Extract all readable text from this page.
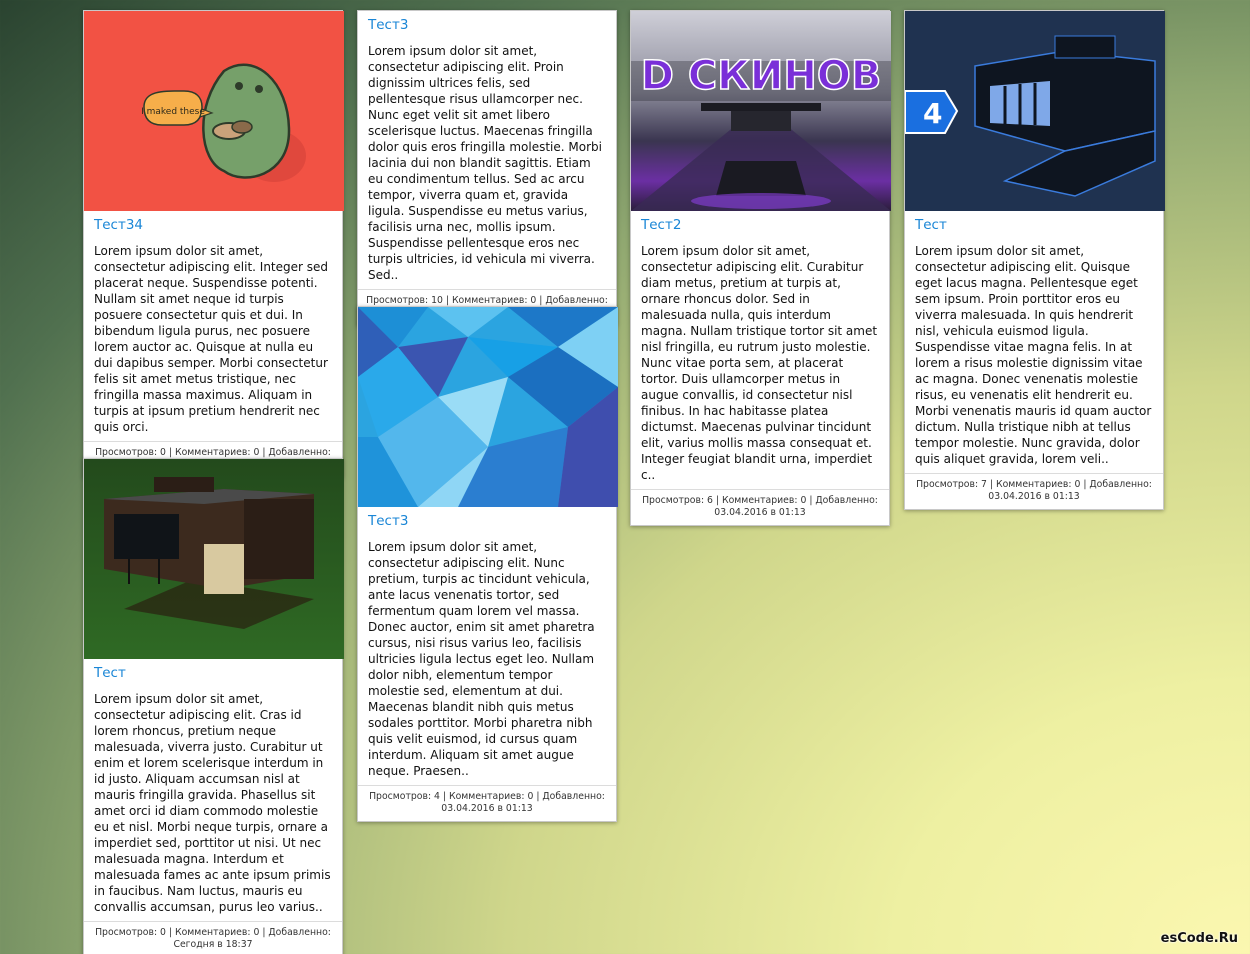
I maked these
Тест34

Lorem ipsum dolor sit amet, consectetur adipiscing elit. Integer sed placerat neque. Suspendisse potenti. Nullam sit amet neque id turpis posuere consectetur quis et dui. In bibendum ligula purus, nec posuere lorem auctor ac. Quisque at nulla eu dui dapibus semper. Morbi consectetur felis sit amet metus tristique, nec fringilla massa maximus. Aliquam in turpis at ipsum pretium hendrerit nec quis orci.

Просмотров: 0 | Комментариев: 0 | Добавленно:

Тест3

Lorem ipsum dolor sit amet, consectetur adipiscing elit. Proin dignissim ultrices felis, sed pellentesque risus ullamcorper nec. Nunc eget velit sit amet libero scelerisque luctus. Maecenas fringilla dolor quis eros fringilla molestie. Morbi lacinia dui non blandit sagittis. Etiam eu condimentum tellus. Sed ac arcu tempor, viverra quam et, gravida ligula. Suspendisse eu metus varius, facilisis urna nec, mollis ipsum. Suspendisse pellentesque eros nec turpis ultricies, id vehicula mi viverra. Sed..

Просмотров: 10 | Комментариев: 0 | Добавленно:

D СКИНОВ
Тест2

Lorem ipsum dolor sit amet, consectetur adipiscing elit. Curabitur diam metus, pretium at turpis at, ornare rhoncus dolor. Sed in malesuada nulla, quis interdum magna. Nullam tristique tortor sit amet nisl fringilla, eu rutrum justo molestie. Nunc vitae porta sem, at placerat tortor. Duis ullamcorper metus in augue convallis, id consectetur nisl finibus. In hac habitasse platea dictumst. Maecenas pulvinar tincidunt elit, varius mollis massa consequat et. Integer feugiat blandit urna, imperdiet c..

Просмотров: 6 | Комментариев: 0 | Добавленно:
03.04.2016 в 01:13
4
Тест

Lorem ipsum dolor sit amet, consectetur adipiscing elit. Quisque eget lacus magna. Pellentesque eget sem ipsum. Proin porttitor eros eu viverra malesuada. In quis hendrerit nisl, vehicula euismod ligula. Suspendisse vitae magna felis. In at lorem a risus molestie dignissim vitae ac magna. Donec venenatis molestie risus, eu venenatis elit hendrerit eu. Morbi venenatis mauris id quam auctor dictum. Nulla tristique nibh at tellus tempor molestie. Nunc gravida, dolor quis aliquet gravida, lorem veli..

Просмотров: 7 | Комментариев: 0 | Добавленно:
03.04.2016 в 01:13
Тест

Lorem ipsum dolor sit amet, consectetur adipiscing elit. Cras id lorem rhoncus, pretium neque malesuada, viverra justo. Curabitur ut enim et lorem scelerisque interdum in id justo. Aliquam accumsan nisl at mauris fringilla gravida. Phasellus sit amet orci id diam commodo molestie eu et nisl. Morbi neque turpis, ornare a imperdiet sed, porttitor ut nisi. Ut nec malesuada magna. Interdum et malesuada fames ac ante ipsum primis in faucibus. Nam luctus, mauris eu convallis accumsan, purus leo varius..

Просмотров: 0 | Комментариев: 0 | Добавленно:
Сегодня в 18:37
Тест3

Lorem ipsum dolor sit amet, consectetur adipiscing elit. Nunc pretium, turpis ac tincidunt vehicula, ante lacus venenatis tortor, sed fermentum quam lorem vel massa. Donec auctor, enim sit amet pharetra cursus, nisi risus varius leo, facilisis ultricies ligula lectus eget leo. Nullam dolor nibh, elementum tempor molestie sed, elementum at dui. Maecenas blandit nibh quis metus sodales porttitor. Morbi pharetra nibh quis velit euismod, id cursus quam interdum. Aliquam sit amet augue neque. Praesen..

Просмотров: 4 | Комментариев: 0 | Добавленно:
03.04.2016 в 01:13
esCode.Ru
